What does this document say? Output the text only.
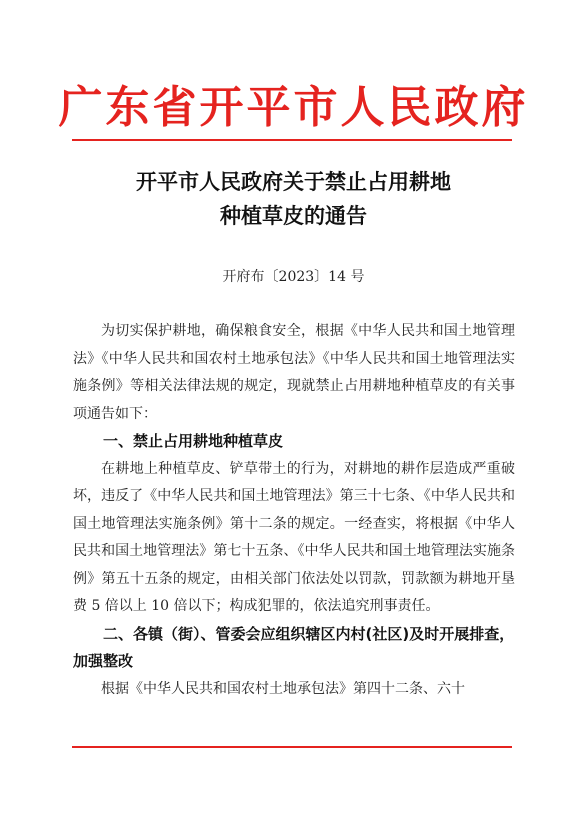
广东省开平市人民政府
开平市人民政府关于禁止占用耕地
种植草皮的通告
开府布〔2023〕14 号

为切实保护耕地，确保粮食安全，根据《中华人民共和国土地管理法》《中华人民共和国农村土地承包法》《中华人民共和国土地管理法实施条例》等相关法律法规的规定，现就禁止占用耕地种植草皮的有关事项通告如下：

一、禁止占用耕地种植草皮

在耕地上种植草皮、铲草带土的行为，对耕地的耕作层造成严重破坏，违反了《中华人民共和国土地管理法》第三十七条、《中华人民共和国土地管理法实施条例》第十二条的规定。一经查实，将根据《中华人民共和国土地管理法》第七十五条、《中华人民共和国土地管理法实施条例》第五十五条的规定，由相关部门依法处以罚款，罚款额为耕地开垦费 5 倍以上 10 倍以下；构成犯罪的，依法追究刑事责任。

二、各镇（街）、管委会应组织辖区内村(社区)及时开展排查，加强整改

根据《中华人民共和国农村土地承包法》第四十二条、六十
